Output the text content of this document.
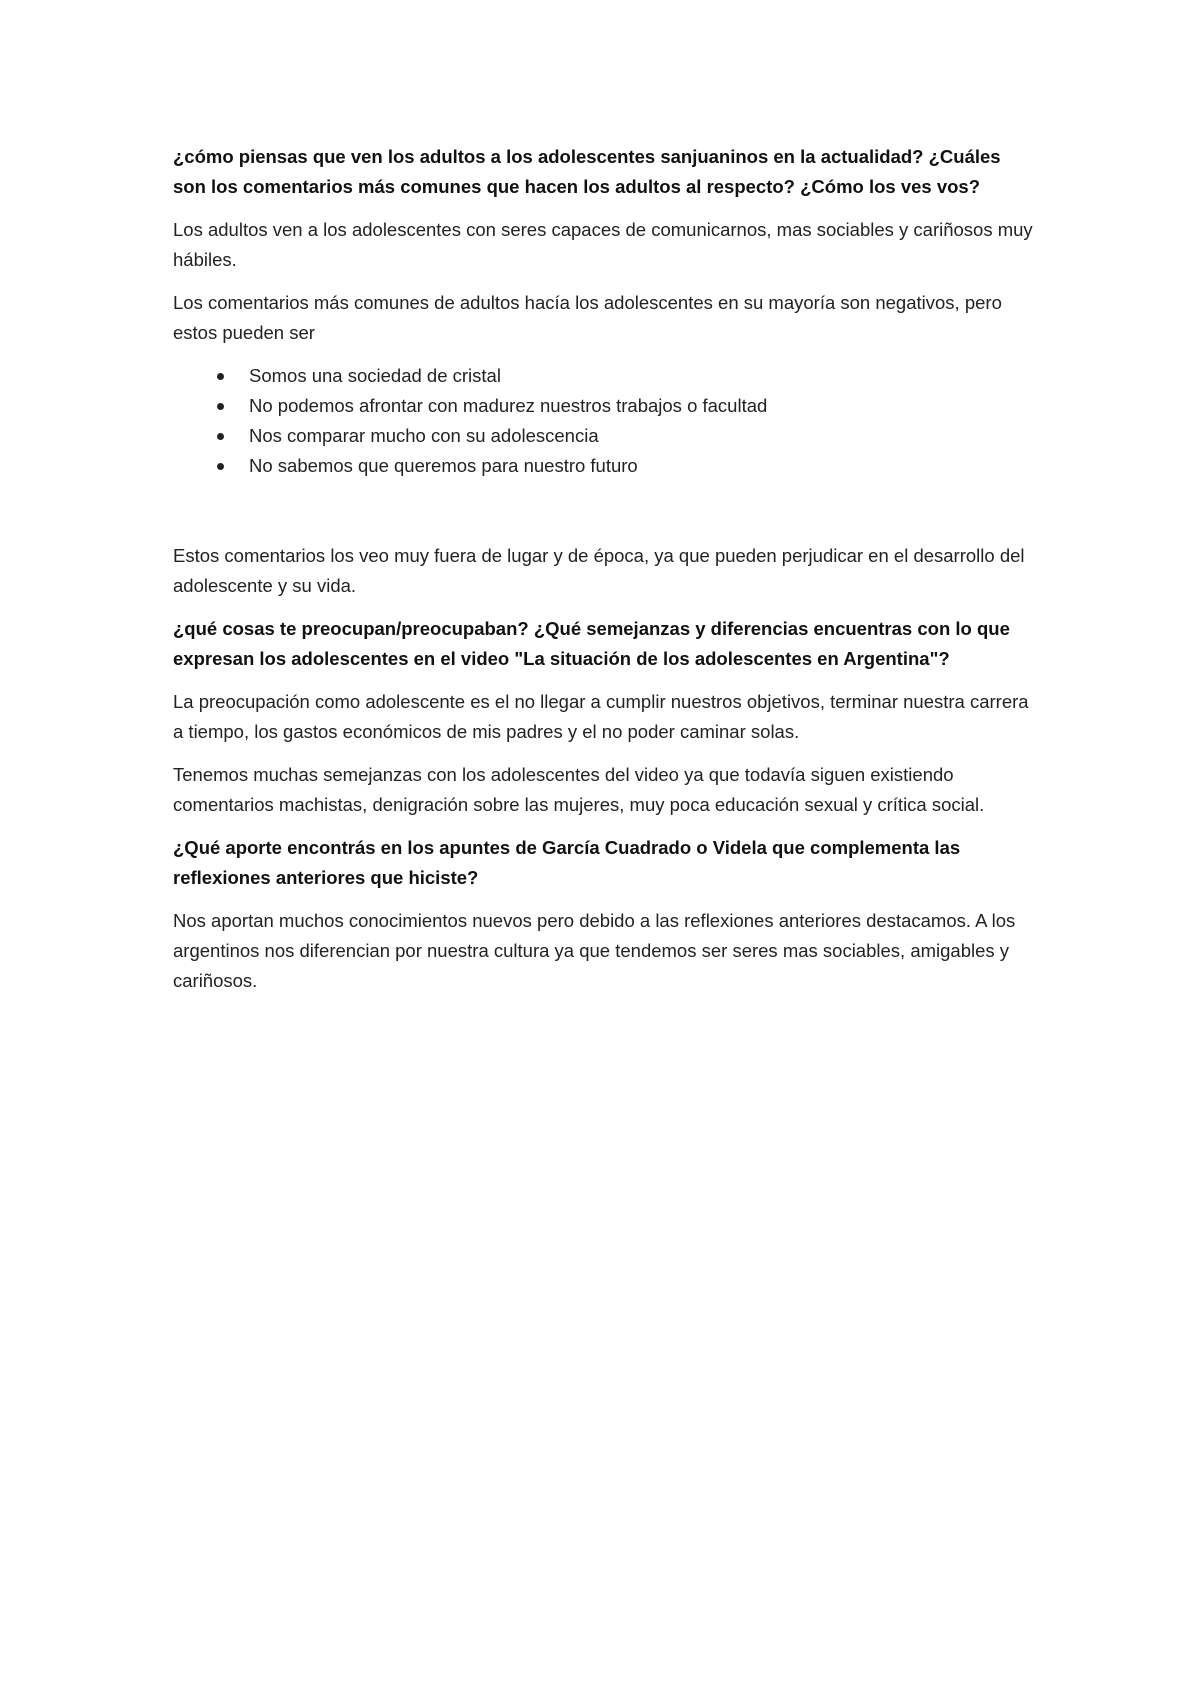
¿cómo piensas que ven los adultos a los adolescentes sanjuaninos en la actualidad? ¿Cuáles son los comentarios más comunes que hacen los adultos al respecto? ¿Cómo los ves vos?
Los adultos ven a los adolescentes con seres capaces de comunicarnos, mas sociables y cariñosos muy hábiles.
Los comentarios más comunes de adultos hacía los adolescentes en su mayoría son negativos, pero estos pueden ser
Somos una sociedad de cristal
No podemos afrontar con madurez nuestros trabajos o facultad
Nos comparar mucho con su adolescencia
No sabemos que queremos para nuestro futuro
Estos comentarios los veo muy fuera de lugar y de época, ya que pueden perjudicar en el desarrollo del adolescente y su vida.
¿qué cosas te preocupan/preocupaban? ¿Qué semejanzas y diferencias encuentras con lo que expresan los adolescentes en el video "La situación de los adolescentes en Argentina"?
La preocupación como adolescente es el no llegar a cumplir nuestros objetivos, terminar nuestra carrera a tiempo, los gastos económicos de mis padres y el no poder caminar solas.
Tenemos muchas semejanzas con los adolescentes del video ya que todavía siguen existiendo comentarios machistas, denigración sobre las mujeres, muy poca educación sexual y crítica social.
¿Qué aporte encontrás en los apuntes de García Cuadrado o Videla que complementa las reflexiones anteriores que hiciste?
Nos aportan muchos conocimientos nuevos pero debido a las reflexiones anteriores destacamos. A los argentinos nos diferencian por nuestra cultura ya que tendemos ser seres mas sociables, amigables y cariñosos.
